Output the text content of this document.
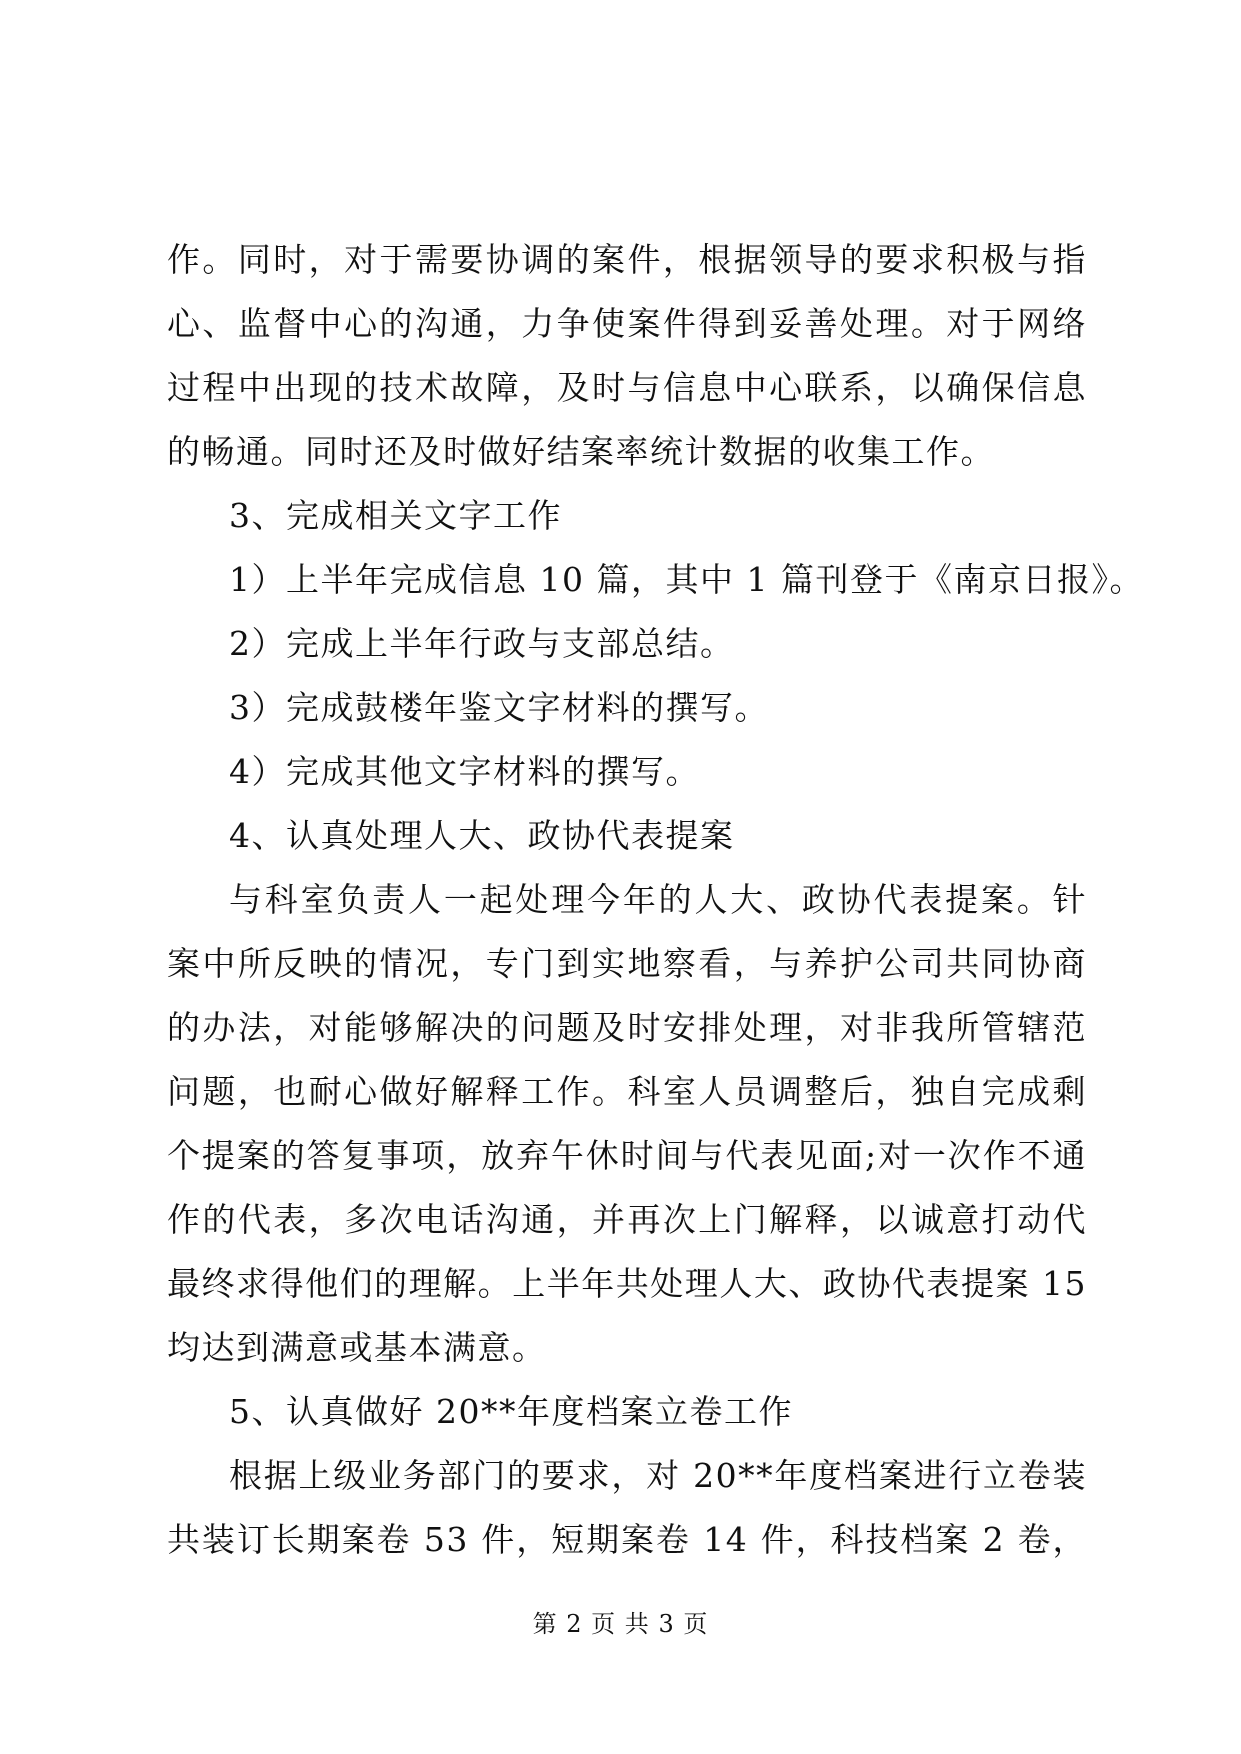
作。同时，对于需要协调的案件，根据领导的要求积极与指
心、监督中心的沟通，力争使案件得到妥善处理。对于网络
过程中出现的技术故障，及时与信息中心联系，以确保信息
的畅通。同时还及时做好结案率统计数据的收集工作。
3、完成相关文字工作
1）上半年完成信息 10 篇，其中 1 篇刊登于《南京日报》。
2）完成上半年行政与支部总结。
3）完成鼓楼年鉴文字材料的撰写。
4）完成其他文字材料的撰写。
4、认真处理人大、政协代表提案
与科室负责人一起处理今年的人大、政协代表提案。针
案中所反映的情况，专门到实地察看，与养护公司共同协商
的办法，对能够解决的问题及时安排处理，对非我所管辖范
问题，也耐心做好解释工作。科室人员调整后，独自完成剩
个提案的答复事项，放弃午休时间与代表见面;对一次作不通
作的代表，多次电话沟通，并再次上门解释，以诚意打动代
最终求得他们的理解。上半年共处理人大、政协代表提案 15
均达到满意或基本满意。
5、认真做好 20**年度档案立卷工作
根据上级业务部门的要求，对 20**年度档案进行立卷装
共装订长期案卷 53 件，短期案卷 14 件，科技档案 2 卷，
第 2 页 共 3 页
